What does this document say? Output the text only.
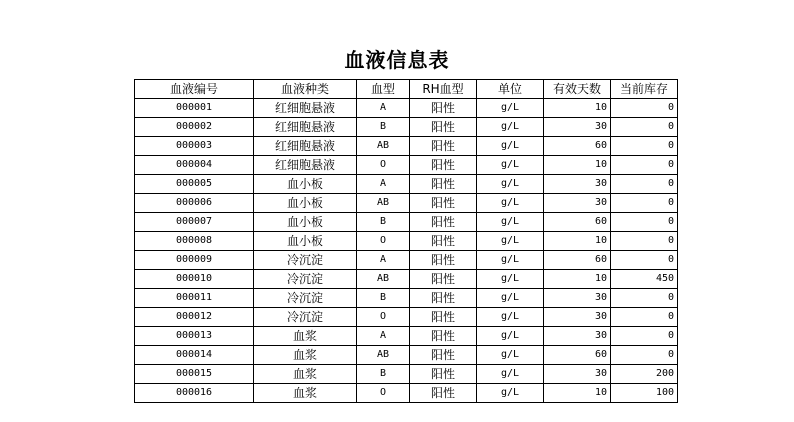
血液信息表
血液编号	血液种类	血型	RH血型	单位	有效天数	当前库存
000001	红细胞悬液	A	阳性	g/L	10	0
000002	红细胞悬液	B	阳性	g/L	30	0
000003	红细胞悬液	AB	阳性	g/L	60	0
000004	红细胞悬液	O	阳性	g/L	10	0
000005	血小板	A	阳性	g/L	30	0
000006	血小板	AB	阳性	g/L	30	0
000007	血小板	B	阳性	g/L	60	0
000008	血小板	O	阳性	g/L	10	0
000009	冷沉淀	A	阳性	g/L	60	0
000010	冷沉淀	AB	阳性	g/L	10	450
000011	冷沉淀	B	阳性	g/L	30	0
000012	冷沉淀	O	阳性	g/L	30	0
000013	血浆	A	阳性	g/L	30	0
000014	血浆	AB	阳性	g/L	60	0
000015	血浆	B	阳性	g/L	30	200
000016	血浆	O	阳性	g/L	10	100
